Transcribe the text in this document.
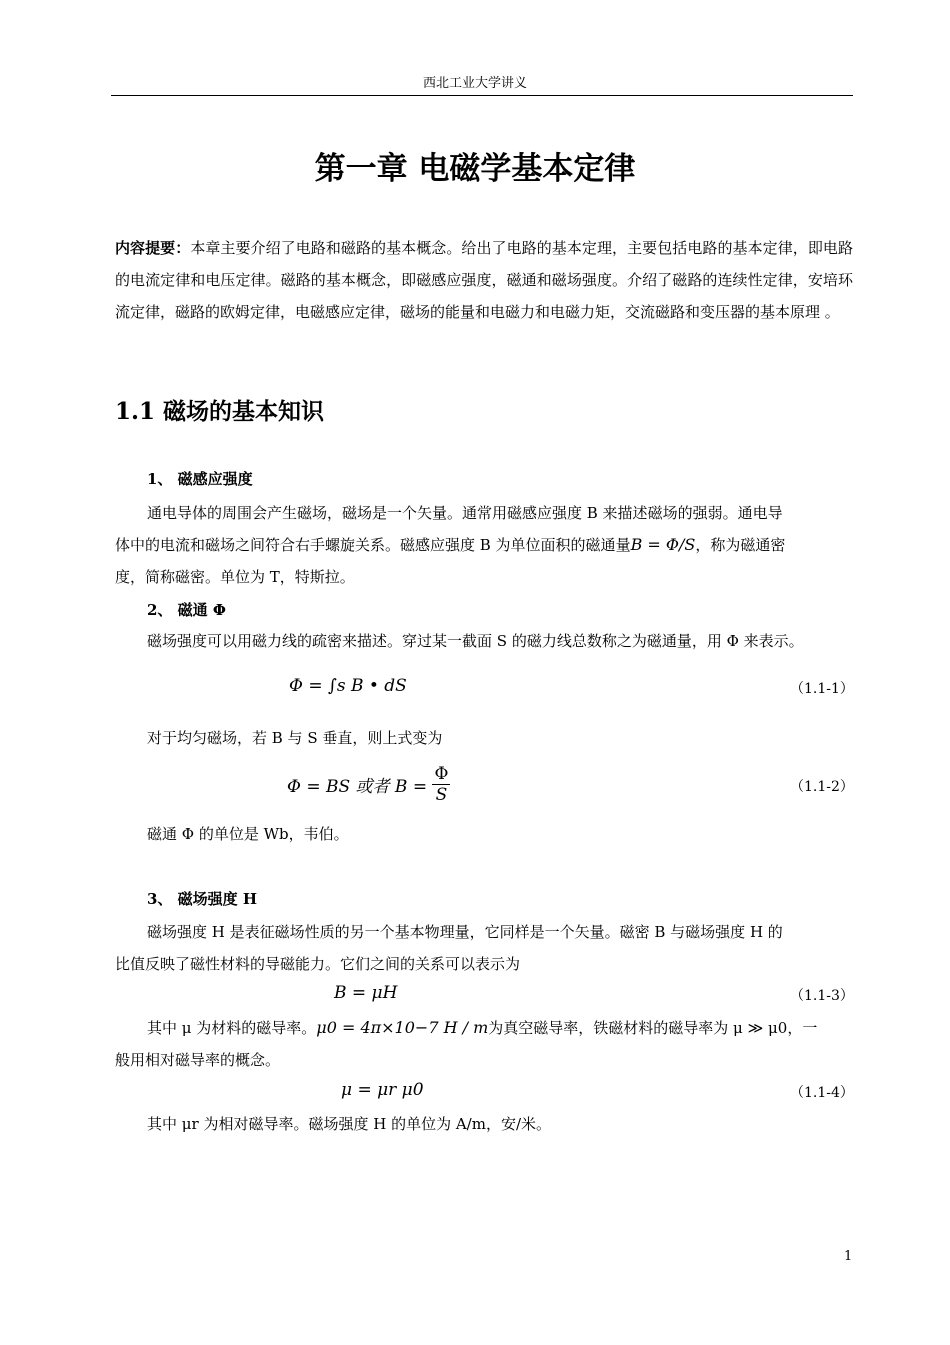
西北工业大学讲义
第一章 电磁学基本定律
内容提要：本章主要介绍了电路和磁路的基本概念。给出了电路的基本定理，主要包括电路的基本定律，即电路的电流定律和电压定律。磁路的基本概念，即磁感应强度，磁通和磁场强度。介绍了磁路的连续性定律，安培环流定律，磁路的欧姆定律，电磁感应定律，磁场的能量和电磁力和电磁力矩，交流磁路和变压器的基本原理 。
1.1 磁场的基本知识
1、 磁感应强度
通电导体的周围会产生磁场，磁场是一个矢量。通常用磁感应强度 B 来描述磁场的强弱。通电导
体中的电流和磁场之间符合右手螺旋关系。磁感应强度 B 为单位面积的磁通量B = Φ/S，称为磁通密
度，简称磁密。单位为 T，特斯拉。
2、 磁通 Φ
磁场强度可以用磁力线的疏密来描述。穿过某一截面 S 的磁力线总数称之为磁通量，用 Φ 来表示。
Φ = ∫s B • dS	（1.1-1）
对于均匀磁场，若 B 与 S 垂直，则上式变为
Φ = BS 或者 $B = \frac{\Phi}{S}$	（1.1-2）
磁通 Φ 的单位是 Wb，韦伯。
3、 磁场强度 H
磁场强度 H 是表征磁场性质的另一个基本物理量，它同样是一个矢量。磁密 B 与磁场强度 H 的
比值反映了磁性材料的导磁能力。它们之间的关系可以表示为
B = μH	（1.1-3）
其中 μ 为材料的磁导率。μ0 = 4π×10−7 H / m为真空磁导率，铁磁材料的磁导率为 μ ≫ μ0，一
般用相对磁导率的概念。
μ = μr μ0	（1.1-4）
其中 μr 为相对磁导率。磁场强度 H 的单位为 A/m，安/米。
1
